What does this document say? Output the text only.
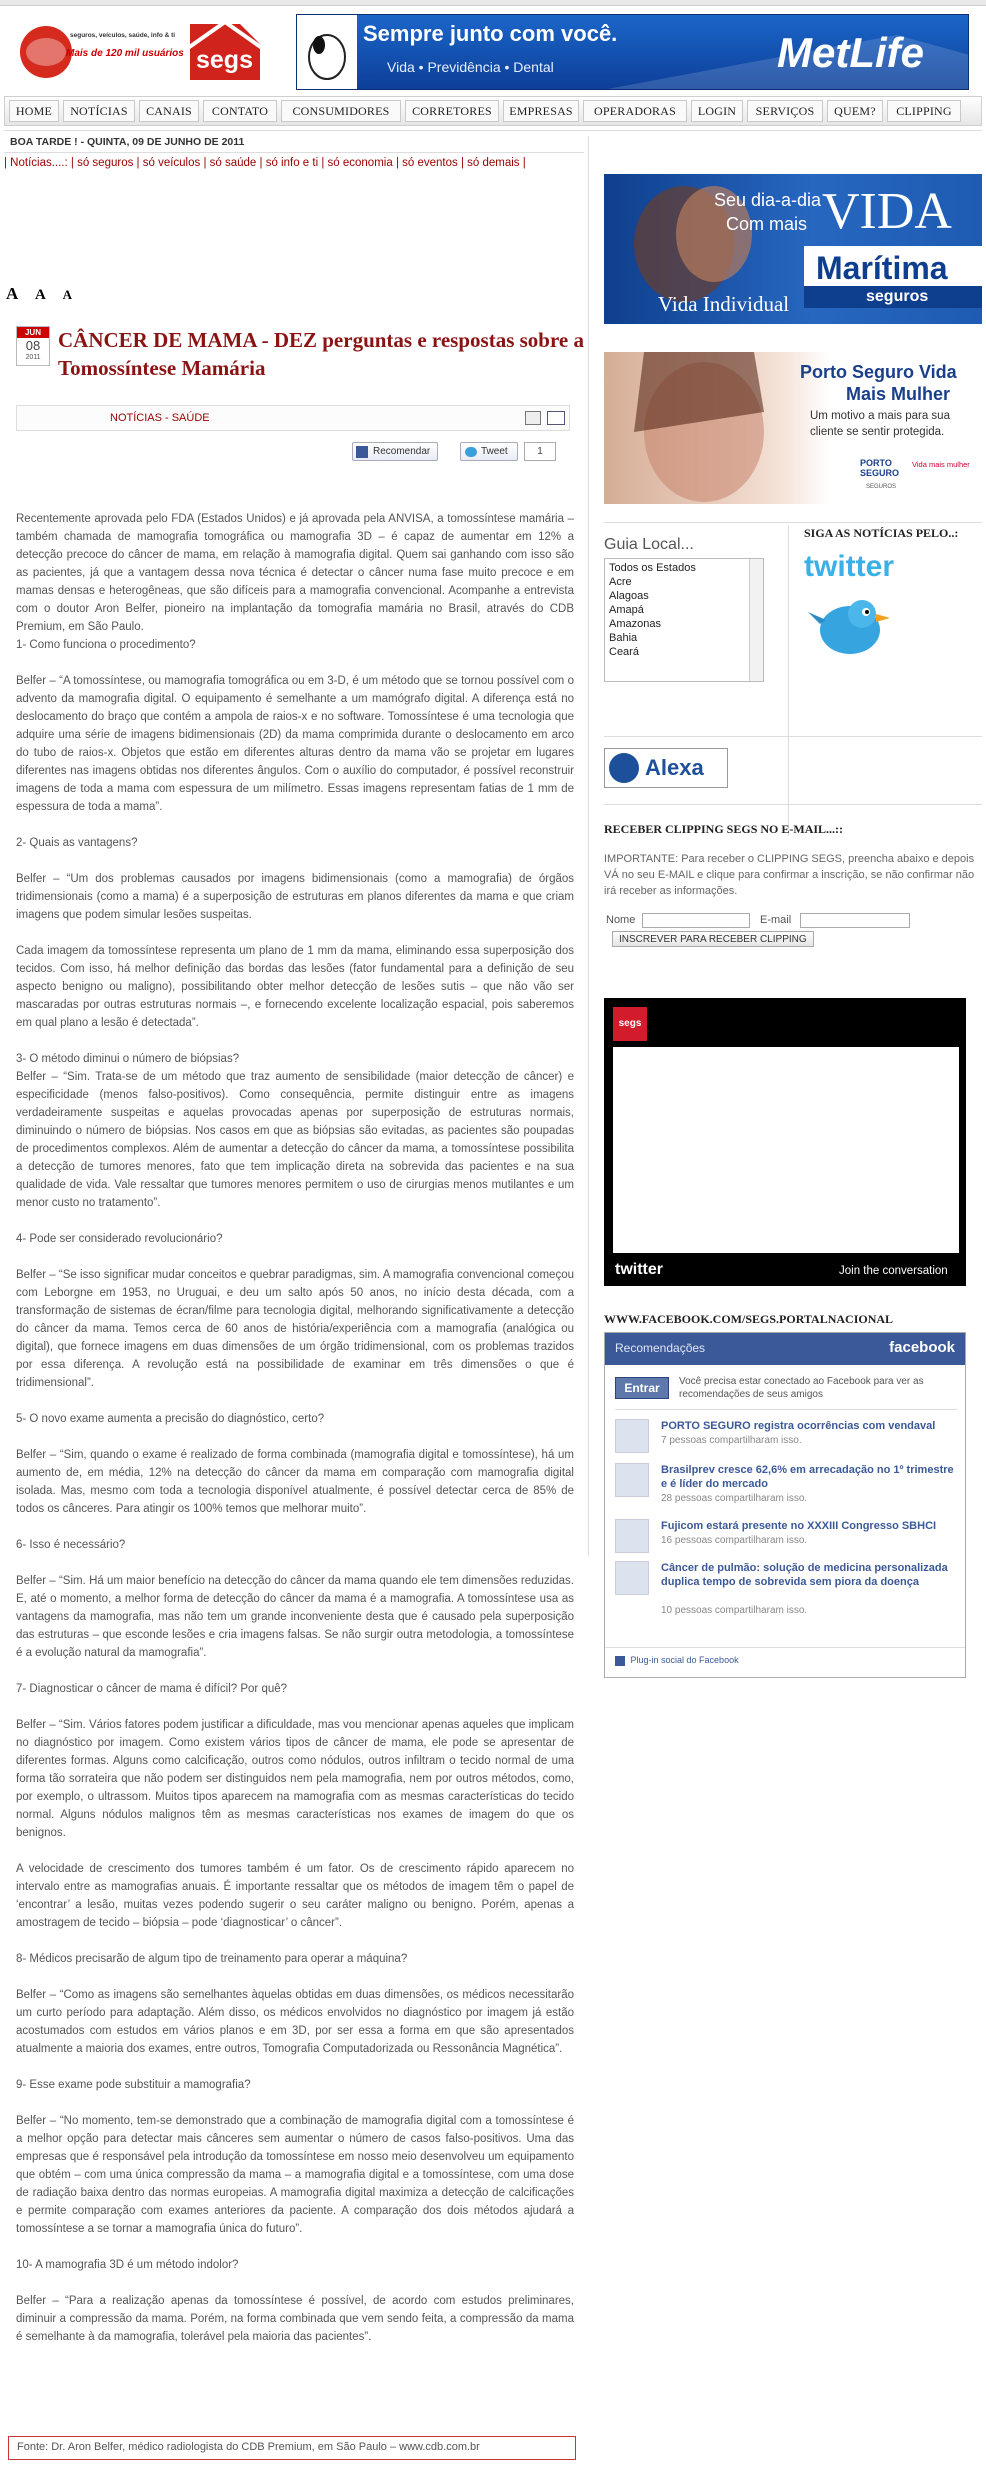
seguros, veículos, saúde, info & ti
Mais de 120 mil usuários segs
Sempre junto com você.
Vida • Previdência • Dental	MetLife
HOME	NOTÍCIAS	CANAIS	CONTATO	CONSUMIDORES	CORRETORES	EMPRESAS	OPERADORAS	LOGIN	SERVIÇOS	QUEM?	CLIPPING
BOA TARDE ! - QUINTA, 09 DE JUNHO DE 2011
| Notícias....: | só seguros | só veículos | só saúde | só info e ti | só economia | só eventos | só demais |
A A A
JUN
08
2011
CÂNCER DE MAMA - DEZ perguntas e respostas sobre a Tomossíntese Mamária
NOTÍCIAS - SAÚDE
Recomendar	Tweet	1

Recentemente aprovada pelo FDA (Estados Unidos) e já aprovada pela ANVISA, a tomossíntese mamária – também chamada de mamografia tomográfica ou mamografia 3D – é capaz de aumentar em 12% a detecção precoce do câncer de mama, em relação à mamografia digital. Quem sai ganhando com isso são as pacientes, já que a vantagem dessa nova técnica é detectar o câncer numa fase muito precoce e em mamas densas e heterogêneas, que são difíceis para a mamografia convencional. Acompanhe a entrevista com o doutor Aron Belfer, pioneiro na implantação da tomografia mamária no Brasil, através do CDB Premium, em São Paulo.

1- Como funciona o procedimento?

Belfer – “A tomossíntese, ou mamografia tomográfica ou em 3-D, é um método que se tornou possível com o advento da mamografia digital. O equipamento é semelhante a um mamógrafo digital. A diferença está no deslocamento do braço que contém a ampola de raios-x e no software. Tomossíntese é uma tecnologia que adquire uma série de imagens bidimensionais (2D) da mama comprimida durante o deslocamento em arco do tubo de raios-x. Objetos que estão em diferentes alturas dentro da mama vão se projetar em lugares diferentes nas imagens obtidas nos diferentes ângulos. Com o auxílio do computador, é possível reconstruir imagens de toda a mama com espessura de um milímetro. Essas imagens representam fatias de 1 mm de espessura de toda a mama”.

2- Quais as vantagens?

Belfer – “Um dos problemas causados por imagens bidimensionais (como a mamografia) de órgãos tridimensionais (como a mama) é a superposição de estruturas em planos diferentes da mama e que criam imagens que podem simular lesões suspeitas.

Cada imagem da tomossíntese representa um plano de 1 mm da mama, eliminando essa superposição dos tecidos. Com isso, há melhor definição das bordas das lesões (fator fundamental para a definição de seu aspecto benigno ou maligno), possibilitando obter melhor detecção de lesões sutis – que não vão ser mascaradas por outras estruturas normais –, e fornecendo excelente localização espacial, pois saberemos em qual plano a lesão é detectada”.

3- O método diminui o número de biópsias?

Belfer – “Sim. Trata-se de um método que traz aumento de sensibilidade (maior detecção de câncer) e especificidade (menos falso-positivos). Como consequência, permite distinguir entre as imagens verdadeiramente suspeitas e aquelas provocadas apenas por superposição de estruturas normais, diminuindo o número de biópsias. Nos casos em que as biópsias são evitadas, as pacientes são poupadas de procedimentos complexos. Além de aumentar a detecção do câncer da mama, a tomossíntese possibilita a detecção de tumores menores, fato que tem implicação direta na sobrevida das pacientes e na sua qualidade de vida. Vale ressaltar que tumores menores permitem o uso de cirurgias menos mutilantes e um menor custo no tratamento”.

4- Pode ser considerado revolucionário?

Belfer – “Se isso significar mudar conceitos e quebrar paradigmas, sim. A mamografia convencional começou com Leborgne em 1953, no Uruguai, e deu um salto após 50 anos, no início desta década, com a transformação de sistemas de écran/filme para tecnologia digital, melhorando significativamente a detecção do câncer da mama. Temos cerca de 60 anos de história/experiência com a mamografia (analógica ou digital), que fornece imagens em duas dimensões de um órgão tridimensional, com os problemas trazidos por essa diferença. A revolução está na possibilidade de examinar em três dimensões o que é tridimensional”.

5- O novo exame aumenta a precisão do diagnóstico, certo?

Belfer – “Sim, quando o exame é realizado de forma combinada (mamografia digital e tomossíntese), há um aumento de, em média, 12% na detecção do câncer da mama em comparação com mamografia digital isolada. Mas, mesmo com toda a tecnologia disponível atualmente, é possível detectar cerca de 85% de todos os cânceres. Para atingir os 100% temos que melhorar muito”.

6- Isso é necessário?

Belfer – “Sim. Há um maior benefício na detecção do câncer da mama quando ele tem dimensões reduzidas. E, até o momento, a melhor forma de detecção do câncer da mama é a mamografia. A tomossíntese usa as vantagens da mamografia, mas não tem um grande inconveniente desta que é causado pela superposição das estruturas – que esconde lesões e cria imagens falsas. Se não surgir outra metodologia, a tomossíntese é a evolução natural da mamografia”.

7- Diagnosticar o câncer de mama é difícil? Por quê?

Belfer – “Sim. Vários fatores podem justificar a dificuldade, mas vou mencionar apenas aqueles que implicam no diagnóstico por imagem. Como existem vários tipos de câncer de mama, ele pode se apresentar de diferentes formas. Alguns como calcificação, outros como nódulos, outros infiltram o tecido normal de uma forma tão sorrateira que não podem ser distinguidos nem pela mamografia, nem por outros métodos, como, por exemplo, o ultrassom. Muitos tipos aparecem na mamografia com as mesmas características do tecido normal. Alguns nódulos malignos têm as mesmas características nos exames de imagem do que os benignos.

A velocidade de crescimento dos tumores também é um fator. Os de crescimento rápido aparecem no intervalo entre as mamografias anuais. É importante ressaltar que os métodos de imagem têm o papel de ‘encontrar’ a lesão, muitas vezes podendo sugerir o seu caráter maligno ou benigno. Porém, apenas a amostragem de tecido – biópsia – pode ‘diagnosticar’ o câncer”.

8- Médicos precisarão de algum tipo de treinamento para operar a máquina?

Belfer – “Como as imagens são semelhantes àquelas obtidas em duas dimensões, os médicos necessitarão um curto período para adaptação. Além disso, os médicos envolvidos no diagnóstico por imagem já estão acostumados com estudos em vários planos e em 3D, por ser essa a forma em que são apresentados atualmente a maioria dos exames, entre outros, Tomografia Computadorizada ou Ressonância Magnética”.

9- Esse exame pode substituir a mamografia?

Belfer – “No momento, tem-se demonstrado que a combinação de mamografia digital com a tomossíntese é a melhor opção para detectar mais cânceres sem aumentar o número de casos falso-positivos. Uma das empresas que é responsável pela introdução da tomossíntese em nosso meio desenvolveu um equipamento que obtém – com uma única compressão da mama – a mamografia digital e a tomossíntese, com uma dose de radiação baixa dentro das normas europeias. A mamografia digital maximiza a detecção de calcificações e permite comparação com exames anteriores da paciente. A comparação dos dois métodos ajudará a tomossíntese a se tornar a mamografia única do futuro”.

10- A mamografia 3D é um método indolor?

Belfer – “Para a realização apenas da tomossíntese é possível, de acordo com estudos preliminares, diminuir a compressão da mama. Porém, na forma combinada que vem sendo feita, a compressão da mama é semelhante à da mamografia, tolerável pela maioria das pacientes”.

Fonte: Dr. Aron Belfer, médico radiologista do CDB Premium, em São Paulo – www.cdb.com.br
Seu dia-a-dia
Com mais VIDA
Marítima
seguros
Vida Individual
Porto Seguro Vida
Mais Mulher
Um motivo a mais para sua
cliente se sentir protegida.
PORTO SEGURO
Vida mais mulher
SEGUROS
Guia Local...
Todos os Estados
Acre
Alagoas
Amapá
Amazonas
Bahia
Ceará
SIGA AS NOTÍCIAS PELO..:
twitter
Alexa
RECEBER CLIPPING SEGS NO E-MAIL...::
IMPORTANTE: Para receber o CLIPPING SEGS, preencha abaixo e depois VÁ no seu E-MAIL e clique para confirmar a inscrição, se não confirmar não irá receber as informações.
Nome	E-mail
INSCREVER PARA RECEBER CLIPPING
segs
twitter	Join the conversation
WWW.FACEBOOK.COM/SEGS.PORTALNACIONAL
Recomendações	facebook
Entrar	Você precisa estar conectado ao Facebook para ver as recomendações de seus amigos
PORTO SEGURO registra ocorrências com vendaval
7 pessoas compartilharam isso.
Brasilprev cresce 62,6% em arrecadação no 1º trimestre e é líder do mercado
28 pessoas compartilharam isso.
Fujicom estará presente no XXXIII Congresso SBHCI
16 pessoas compartilharam isso.
Câncer de pulmão: solução de medicina personalizada duplica tempo de sobrevida sem piora da doença
10 pessoas compartilharam isso.
Plug-in social do Facebook
